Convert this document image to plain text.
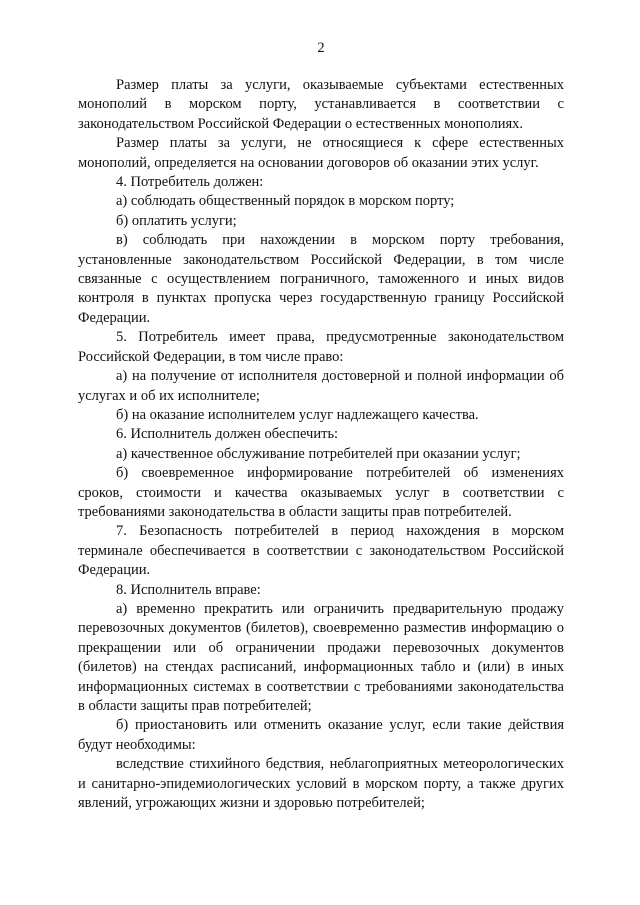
2

Размер платы за услуги, оказываемые субъектами естественных монополий в морском порту, устанавливается в соответствии с законодательством Российской Федерации о естественных монополиях.

Размер платы за услуги, не относящиеся к сфере естественных монополий, определяется на основании договоров об оказании этих услуг.

4. Потребитель должен:

а) соблюдать общественный порядок в морском порту;

б) оплатить услуги;

в) соблюдать при нахождении в морском порту требования, установленные законодательством Российской Федерации, в том числе связанные с осуществлением пограничного, таможенного и иных видов контроля в пунктах пропуска через государственную границу Российской Федерации.

5. Потребитель имеет права, предусмотренные законодательством Российской Федерации, в том числе право:

а) на получение от исполнителя достоверной и полной информации об услугах и об их исполнителе;

б) на оказание исполнителем услуг надлежащего качества.

6. Исполнитель должен обеспечить:

а) качественное обслуживание потребителей при оказании услуг;

б) своевременное информирование потребителей об изменениях сроков, стоимости и качества оказываемых услуг в соответствии с требованиями законодательства в области защиты прав потребителей.

7. Безопасность потребителей в период нахождения в морском терминале обеспечивается в соответствии с законодательством Российской Федерации.

8. Исполнитель вправе:

а) временно прекратить или ограничить предварительную продажу перевозочных документов (билетов), своевременно разместив информацию о прекращении или об ограничении продажи перевозочных документов (билетов) на стендах расписаний, информационных табло и (или) в иных информационных системах в соответствии с требованиями законодательства в области защиты прав потребителей;

б) приостановить или отменить оказание услуг, если такие действия будут необходимы:

вследствие стихийного бедствия, неблагоприятных метеорологических и санитарно-эпидемиологических условий в морском порту, а также других явлений, угрожающих жизни и здоровью потребителей;
